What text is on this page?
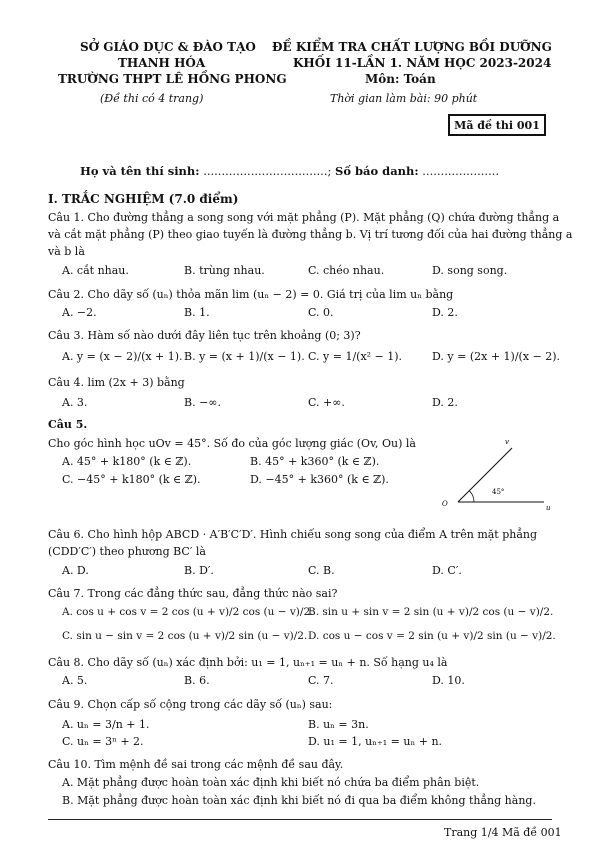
SỞ GIÁO DỤC & ĐÀO TẠO
THANH HÓA
TRƯỜNG THPT LÊ HỒNG PHONG
(Đề thi có 4 trang)
ĐỀ KIỂM TRA CHẤT LƯỢNG BỒI DƯỠNG
KHỐI 11-LẦN 1. NĂM HỌC 2023-2024
Môn: Toán
Thời gian làm bài: 90 phút
Mã đề thi 001
Họ và tên thí sinh: ..................................; Số báo danh: .....................
I. TRẮC NGHIỆM (7.0 điểm)
Câu 1. Cho đường thẳng a song song với mặt phẳng (P). Mặt phẳng (Q) chứa đường thẳng a
và cắt mặt phẳng (P) theo giao tuyến là đường thẳng b. Vị trí tương đối của hai đường thẳng a
và b là
A. cắt nhau.	B. trùng nhau.	C. chéo nhau.	D. song song.
Câu 2. Cho dãy số (uₙ) thỏa mãn lim (uₙ − 2) = 0. Giá trị của lim uₙ bằng
A. −2.	B. 1.	C. 0.	D. 2.
Câu 3. Hàm số nào dưới đây liên tục trên khoảng (0; 3)?
A. y = (x − 2)/(x + 1). B. y = (x + 1)/(x − 1). C. y = 1/(x² − 1).	D. y = (2x + 1)/(x − 2).
Câu 4. lim (2x + 3) bằng
A. 3.	B. −∞.	C. +∞.	D. 2.
Câu 5.
Cho góc hình học uOv = 45°. Số đo của góc lượng giác (Ov, Ou) là
A. 45° + k180° (k ∈ ℤ).	B. 45° + k360° (k ∈ ℤ).
C. −45° + k180° (k ∈ ℤ).	D. −45° + k360° (k ∈ ℤ).
v
O	u
45°
Câu 6. Cho hình hộp ABCD · A′B′C′D′. Hình chiếu song song của điểm A trên mặt phẳng
(CDD′C′) theo phương BC′ là
A. D.	B. D′.	C. B.	D. C′.
Câu 7. Trong các đẳng thức sau, đẳng thức nào sai?
A. cos u + cos v = 2 cos (u + v)/2 cos (u − v)/2.
B. sin u + sin v = 2 sin (u + v)/2 cos (u − v)/2.
C. sin u − sin v = 2 cos (u + v)/2 sin (u − v)/2. D. cos u − cos v = 2 sin (u + v)/2 sin (u − v)/2.
Câu 8. Cho dãy số (uₙ) xác định bởi: u₁ = 1, uₙ₊₁ = uₙ + n. Số hạng u₄ là
A. 5.	B. 6.	C. 7.	D. 10.
Câu 9. Chọn cấp số cộng trong các dãy số (uₙ) sau:
A. uₙ = 3/n + 1.	B. uₙ = 3n.
C. uₙ = 3ⁿ + 2.	D. u₁ = 1, uₙ₊₁ = uₙ + n.
Câu 10. Tìm mệnh đề sai trong các mệnh đề sau đây.
A. Mặt phẳng được hoàn toàn xác định khi biết nó chứa ba điểm phân biệt.
B. Mặt phẳng được hoàn toàn xác định khi biết nó đi qua ba điểm không thẳng hàng.
Trang 1/4 Mã đề 001
